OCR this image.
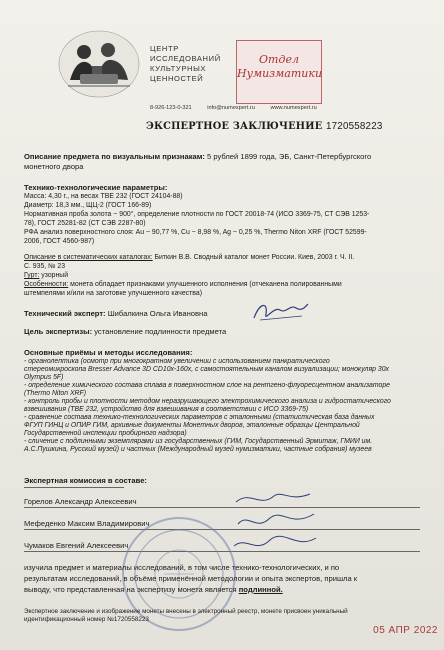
ЦЕНТР
ИССЛЕДОВАНИЙ
КУЛЬТУРНЫХ
ЦЕННОСТЕЙ
Отдел
Нумизматики
8-926-123-0-321	info@numexpert.ru	www.numexpert.ru
ЭКСПЕРТНОЕ ЗАКЛЮЧЕНИЕ 1720558223
Описание предмета по визуальным признакам: 5 рублей 1899 года, ЭБ, Санкт-Петербургского
монетного двора
Технико-технологические параметры:
Масса: 4,30 г., на весах ТВЕ 232 (ГОСТ 24104-88)
Диаметр: 18,3 мм., ЩЦ-2 (ГОСТ 166-89)
Нормативная проба золота ~ 900°, определение плотности по ГОСТ 20018-74 (ИСО 3369-75, СТ СЭВ 1253-
78), ГОСТ 25281-82 (СТ СЭВ 2287-80)
РФА анализ поверхностного слоя: Au ~ 90,77 %, Cu ~ 8,98 %, Ag ~ 0,25 %, Thermo Niton XRF (ГОСТ 52599-
2006, ГОСТ 4560-987)
Описание в систематических каталогах: Биткин В.В. Сводный каталог монет России. Киев, 2003 г. Ч. II.
С. 935, № 23
Гурт: узорный
Особенности: монета обладает признаками улучшенного исполнения (отчеканена полированными
штемпелями и/или на заготовке улучшенного качества)
Технический эксперт: Шибалкина Ольга Ивановна
Цель экспертизы: установление подлинности предмета
Основные приёмы и методы исследования:
- органолептика (осмотр при многократном увеличении с использованием панкратического
стереомикроскопа Bresser Advance 3D CD10x-160x, с самостоятельным каналом визуализации; монокуляр 30x
Olympus 5F)
- определение химического состава сплава в поверхностном слое на рентгено-флуоресцентном анализаторе
(Thermo Niton XRF)
- контроль пробы и плотности методом неразрушающего электрохимического анализа и гидростатического
взвешивания (ТВЕ 232, устройство для взвешивания в соответствии с ИСО 3369-75)
- сравнение состава технико-технологических параметров с эталонными (статистическая база данных
ФГУП ГИНЦ и ОПИР ГИМ, архивные документы Монетных дворов, эталонные образцы Центральной
Государственной инспекции пробирного надзора)
- сличение с подлинными экземплярами из государственных (ГИМ, Государственный Эрмитаж, ГМИИ им.
А.С.Пушкина, Русский музей) и частных (Международный музей нумизматики, частные собрания) музеев
Экспертная комиссия в составе:
Горелов Александр Алексеевич
Мефеденко Максим Владимирович
Чумаков Евгений Алексеевич
изучила предмет и материалы исследований, в том числе технико-технологических, и по
результатам исследований, в объёме применённой методологии и опыта экспертов, пришла к
выводу, что представленная на экспертизу монета является подлинной.
Экспертное заключение и изображение монеты внесены в электронный реестр, монете присвоен уникальный
идентификационный номер №1720558223
05 АПР 2022
